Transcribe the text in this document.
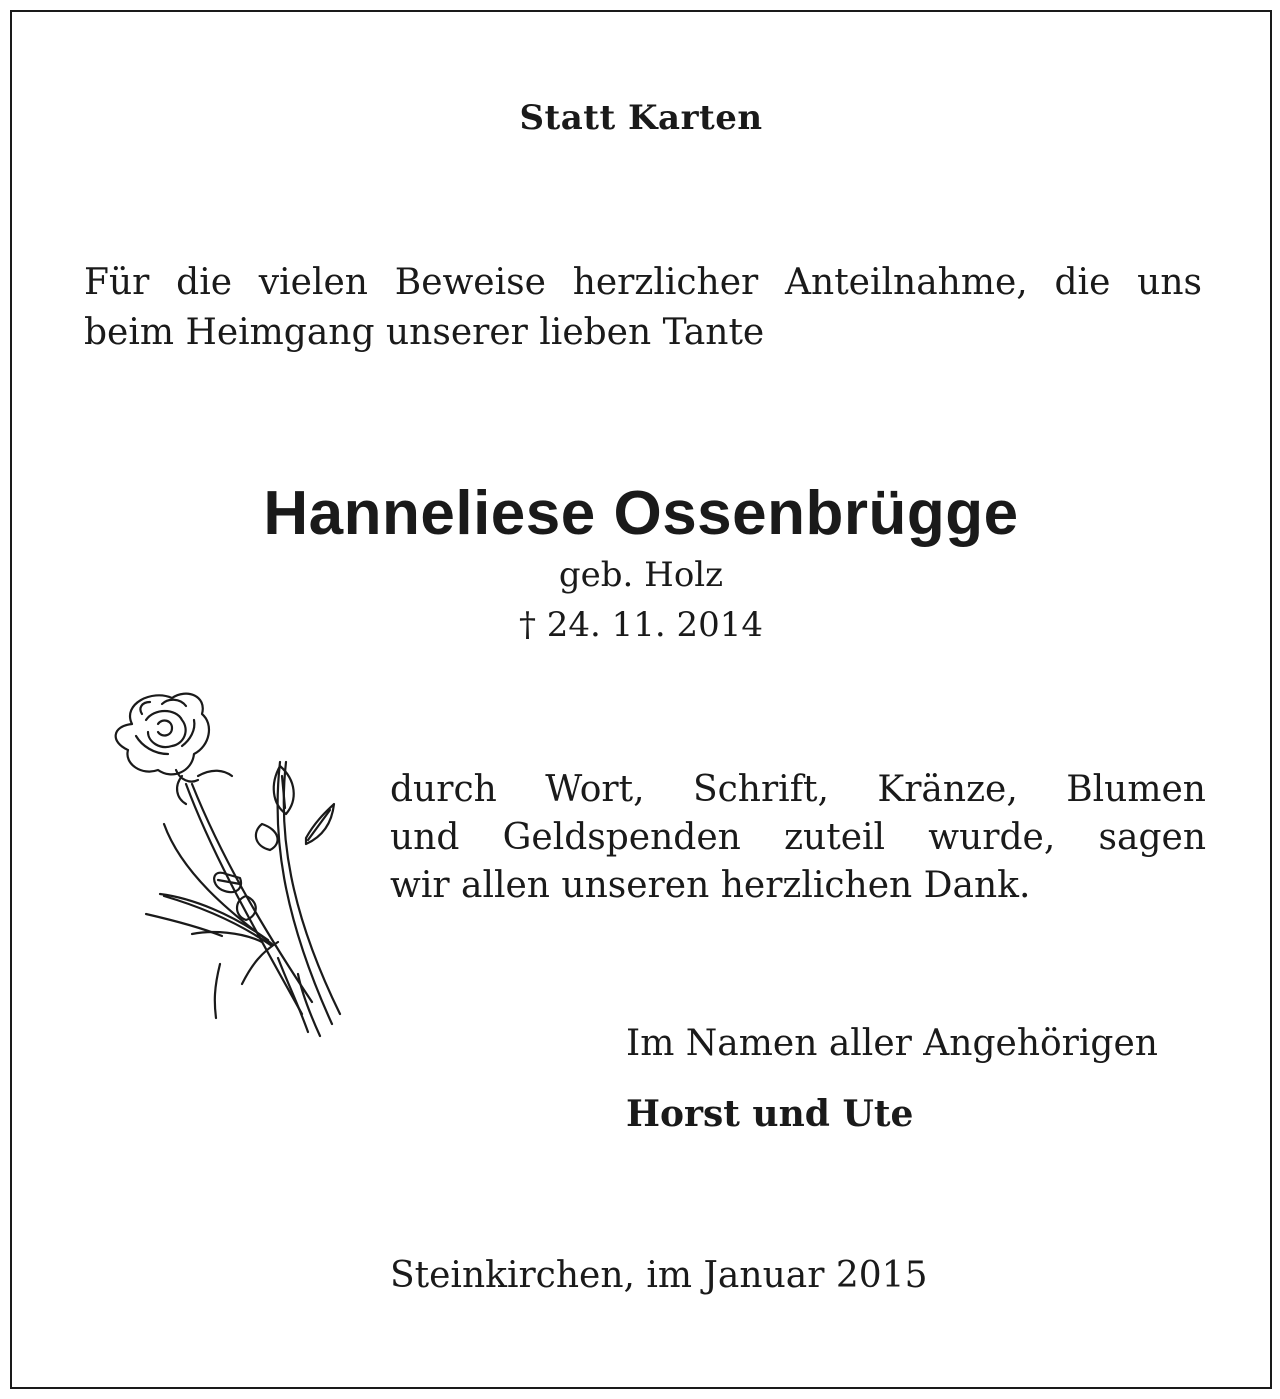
Statt Karten
Für die vielen Beweise herzlicher Anteilnahme, die uns
beim Heimgang unserer lieben Tante
Hanneliese Ossenbrügge
geb. Holz
† 24. 11. 2014
durch Wort, Schrift, Kränze, Blumen
und Geldspenden zuteil wurde, sagen
wir allen unseren herzlichen Dank.
Im Namen aller Angehörigen
Horst und Ute
Steinkirchen, im Januar 2015
